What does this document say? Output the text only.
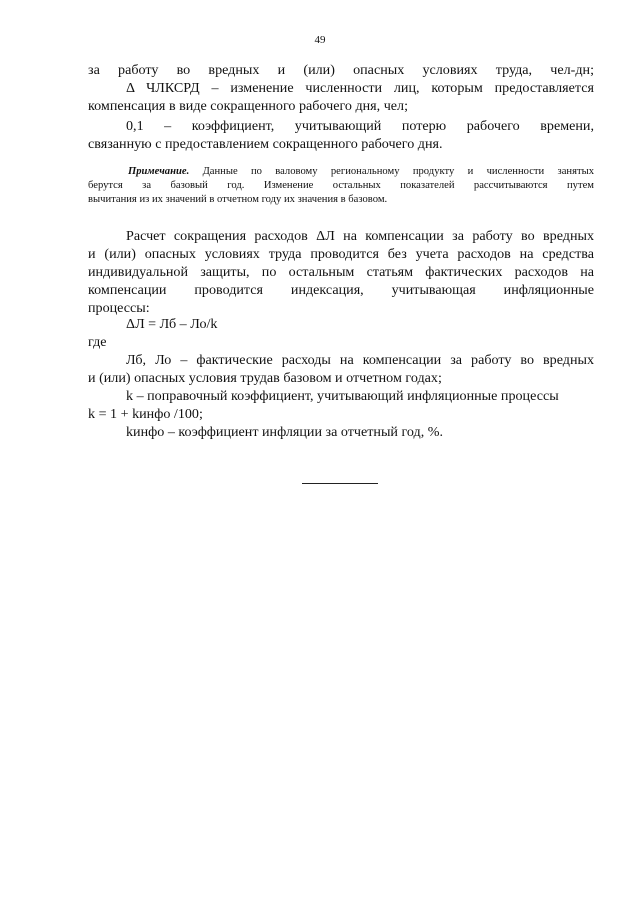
49
за работу во вредных и (или) опасных условиях труда, чел-дн;
Δ ЧЛКСРД – изменение численности лиц, которым предоставляется
компенсация в виде сокращенного рабочего дня, чел;
0,1 – коэффициент, учитывающий потерю рабочего времени,
связанную с предоставлением сокращенного рабочего дня.
Примечание. Данные по валовому региональному продукту и численности занятых
берутся за базовый год. Изменение остальных показателей рассчитываются путем
вычитания из их значений в отчетном году их значения в базовом.
Расчет сокращения расходов ΔЛ на компенсации за работу во вредных
и (или) опасных условиях труда проводится без учета расходов на средства
индивидуальной защиты, по остальным статьям фактических расходов на
компенсации проводится индексация, учитывающая инфляционные
процессы:
ΔЛ = Лб – Ло/k
где
Лб, Ло – фактические расходы на компенсации за работу во вредных
и (или) опасных условия трудав базовом и отчетном годах;
k – поправочный коэффициент, учитывающий инфляционные процессы
k = 1 + kинфо /100;
kинфо – коэффициент инфляции за отчетный год, %.
